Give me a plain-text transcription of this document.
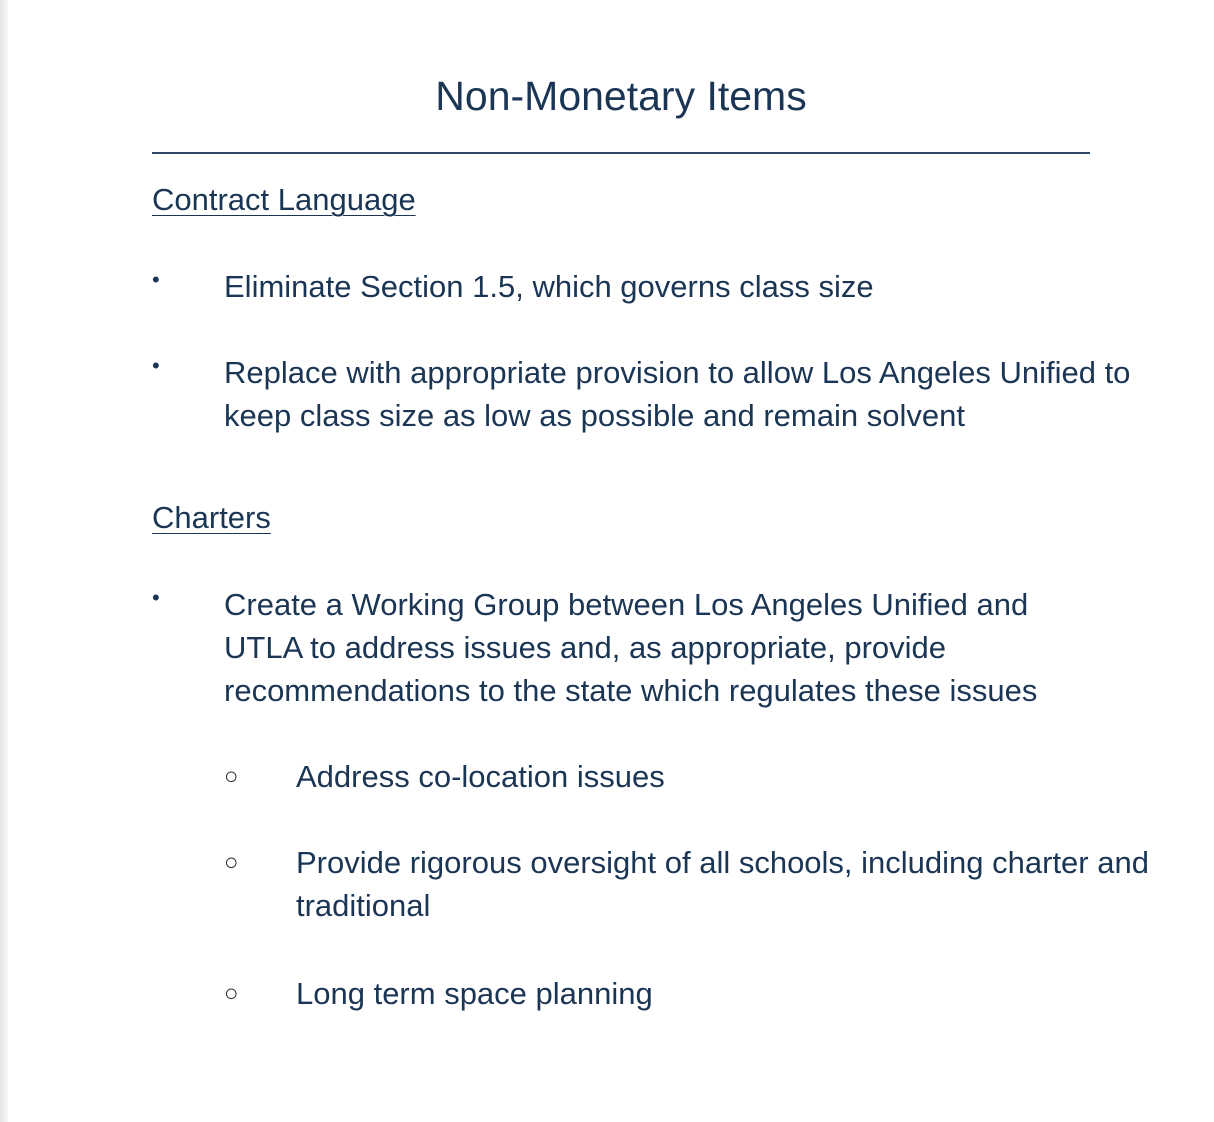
Non-Monetary Items
Contract Language
• Eliminate Section 1.5, which governs class size
• Replace with appropriate provision to allow Los Angeles Unified to keep class size as low as possible and remain solvent
Charters
• Create a Working Group between Los Angeles Unified and UTLA to address issues and, as appropriate, provide recommendations to the state which regulates these issues
○ Address co-location issues
○ Provide rigorous oversight of all schools, including charter and traditional
○ Long term space planning
